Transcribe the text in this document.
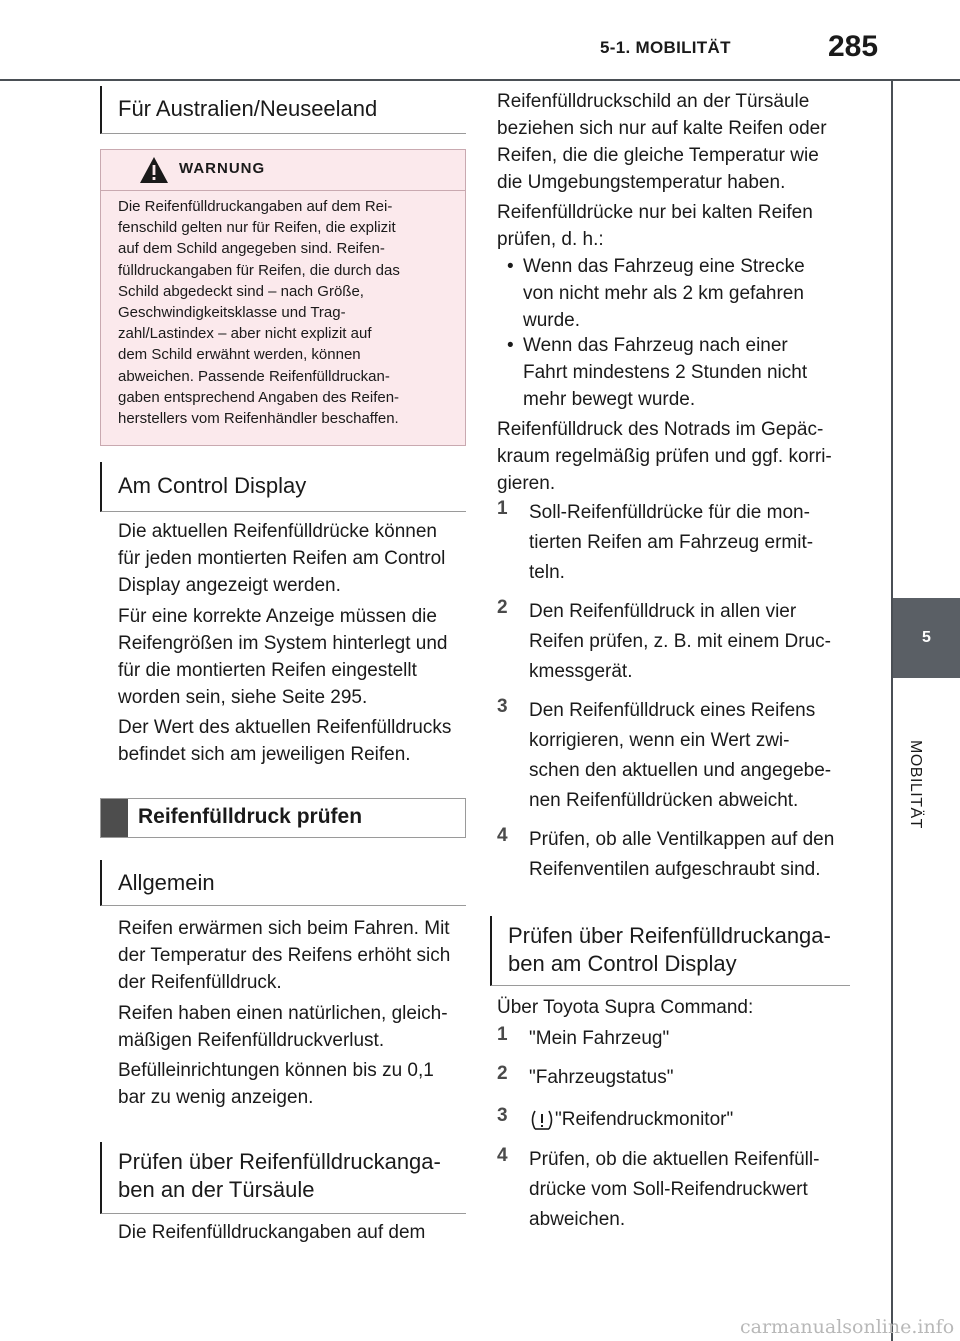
5-1. MOBILITÄT	285
5
MOBILITÄT
Für Australien/Neuseeland
WARNUNG
Die Reifenfülldruckangaben auf dem Rei-
fenschild gelten nur für Reifen, die explizit
auf dem Schild angegeben sind. Reifen-
fülldruckangaben für Reifen, die durch das
Schild abgedeckt sind – nach Größe,
Geschwindigkeitsklasse und Trag-
zahl/Lastindex – aber nicht explizit auf
dem Schild erwähnt werden, können
abweichen. Passende Reifenfülldruckan-
gaben entsprechend Angaben des Reifen-
herstellers vom Reifenhändler beschaffen.
Am Control Display
Die aktuellen Reifenfülldrücke können
für jeden montierten Reifen am Control
Display angezeigt werden.
Für eine korrekte Anzeige müssen die
Reifengrößen im System hinterlegt und
für die montierten Reifen eingestellt
worden sein, siehe Seite 295.
Der Wert des aktuellen Reifenfülldrucks
befindet sich am jeweiligen Reifen.
Reifenfülldruck prüfen
Allgemein
Reifen erwärmen sich beim Fahren. Mit
der Temperatur des Reifens erhöht sich
der Reifenfülldruck.
Reifen haben einen natürlichen, gleich-
mäßigen Reifenfülldruckverlust.
Befülleinrichtungen können bis zu 0,1
bar zu wenig anzeigen.
Prüfen über Reifenfülldruckanga-
ben an der Türsäule
Die Reifenfülldruckangaben auf dem
Reifenfülldruckschild an der Türsäule
beziehen sich nur auf kalte Reifen oder
Reifen, die die gleiche Temperatur wie
die Umgebungstemperatur haben.
Reifenfülldrücke nur bei kalten Reifen
prüfen, d. h.:
• Wenn das Fahrzeug eine Strecke
von nicht mehr als 2 km gefahren
wurde.
• Wenn das Fahrzeug nach einer
Fahrt mindestens 2 Stunden nicht
mehr bewegt wurde.
Reifenfülldruck des Notrads im Gepäc-
kraum regelmäßig prüfen und ggf. korri-
gieren.
1 Soll-Reifenfülldrücke für die mon-
tierten Reifen am Fahrzeug ermit-
teln.
2 Den Reifenfülldruck in allen vier
Reifen prüfen, z. B. mit einem Druc-
kmessgerät.
3 Den Reifenfülldruck eines Reifens
korrigieren, wenn ein Wert zwi-
schen den aktuellen und angegebe-
nen Reifenfülldrücken abweicht.
4 Prüfen, ob alle Ventilkappen auf den
Reifenventilen aufgeschraubt sind.
Prüfen über Reifenfülldruckanga-
ben am Control Display
Über Toyota Supra Command:
1 "Mein Fahrzeug"
2 "Fahrzeugstatus"
3 "Reifendruckmonitor"
4 Prüfen, ob die aktuellen Reifenfüll-
drücke vom Soll-Reifendruckwert
abweichen.
carmanualsonline.info
